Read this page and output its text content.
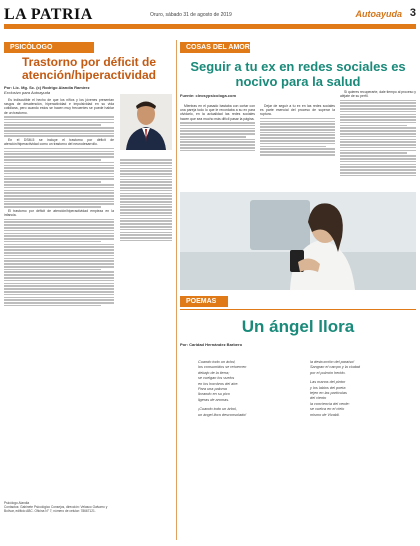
LA PATRIA	Oruro, sábado 31 de agosto de 2019	Autoayuda 3
PSICÓLOGO
Trastorno por déficit de atención/hiperactividad
Por: Lic. Mg. Sc. (c) Rodrigo Alandia Ramírez
Exclusivo para Autoayuda

Es indiscutible el hecho de que los niños y los jóvenes presentan rasgos de desatención, hiperactividad e impulsividad en su vida cotidiana, pero cuando estos se hacen muy frecuentes se puede hablar de un trastorno.

En el DSM-5 se incluye el trastorno por déficit de atención/hiperactividad como un trastorno del neurodesarrollo.

El trastorno por déficit de atención/hiperactividad empieza en la infancia.

Psicólogo Alandia
Contactos: Gabinete Psicológico Consejos, dirección: Velasco Galvarro y Bolívar, edificio ABC. Oficina N° 7; número de celular: 78667121.
COSAS DEL AMOR
Seguir a tu ex en redes sociales es nocivo para la salud
Fuente: cleosypsicologa.com

Mientras en el pasado bastaba con cortar con una pareja todo lo que le recordaba a su ex para olvidarlo, en la actualidad las redes sociales hacen que sea mucho más difícil pasar la página.

Dejar de seguir a tu ex en las redes sociales es parte esencial del proceso de superar la ruptura.

Si quieres recuperarte, dale tiempo al proceso y aléjate de su perfil.

POEMAS
Un ángel llora
Por: Caridad Hernández Barbero
Cuando todo un árbol,
los consumidos se retuercen
debajo de la tierra;
se cuelgan los vuelos
en los hombros del aire.
Para una paloma
llorando en su pico
ligeras de aromas.
¡Cuando todo un árbol,
un ángel llora desconsolado!
la destrucción del paraíso!
Sangran el campo y la ciudad
por el pulmón herido.
Las manos del pintor
y los labios del poeta
tejen en las partículas
del viento
la conciencia del verde:
se vuelca en el cielo
mismo de Vivaldi.
